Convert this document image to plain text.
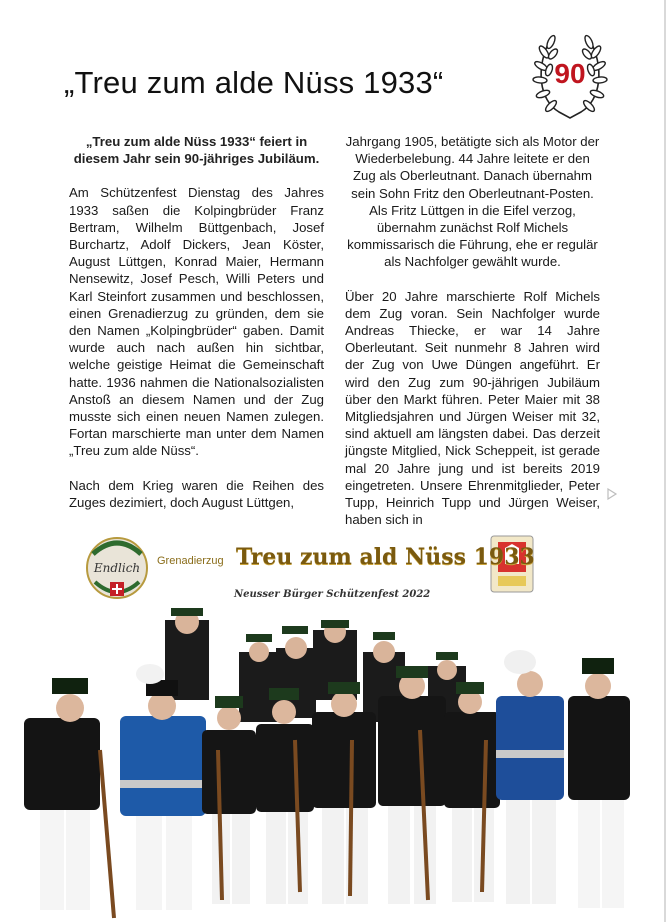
„Treu zum alde Nüss 1933“	90

„Treu zum alde Nüss 1933“ feiert in diesem Jahr sein 90-jähriges Jubiläum.

Am Schützenfest Dienstag des Jahres 1933 saßen die Kolpingbrüder Franz Bertram, Wilhelm Büttgenbach, Josef Burchartz, Adolf Dickers, Jean Köster, August Lüttgen, Konrad Maier, Hermann Nensewitz, Josef Pesch, Willi Peters und Karl Steinfort zusammen und beschlossen, einen Grenadierzug zu gründen, dem sie den Namen „Kolpingbrüder“ gaben. Damit wurde auch nach außen hin sichtbar, welche geistige Heimat die Gemeinschaft hatte. 1936 nahmen die Nationalsozialisten Anstoß an diesem Namen und der Zug musste sich einen neuen Namen zulegen. Fortan marschierte man unter dem Namen „Treu zum alde Nüss“.

Nach dem Krieg waren die Reihen des Zuges dezimiert, doch August Lüttgen,

Jahrgang 1905, betätigte sich als Motor der Wiederbelebung. 44 Jahre leitete er den Zug als Oberleutnant. Danach übernahm sein Sohn Fritz den Oberleutnant-Posten. Als Fritz Lüttgen in die Eifel verzog, übernahm zunächst Rolf Michels kommissarisch die Führung, ehe er regulär als Nachfolger gewählt wurde.

Über 20 Jahre marschierte Rolf Michels dem Zug voran. Sein Nachfolger wurde Andreas Thiecke, er war 14 Jahre Oberleutant. Seit nunmehr 8 Jahren wird der Zug von Uwe Düngen angeführt. Er wird den Zug zum 90-jährigen Jubiläum über den Markt führen. Peter Maier mit 38 Mitgliedsjahren und Jürgen Weiser mit 32, sind aktuell am längsten dabei. Das derzeit jüngste Mitglied, Nick Scheppeit, ist gerade mal 20 Jahre jung und ist bereits 2019 eingetreten. Unsere Ehrenmitglieder, Peter Tupp, Heinrich Tupp und Jürgen Weiser, haben sich in

Endlich Grenadierzug Treu zum ald Nüss 1933
Neusser Bürger Schützenfest 2022
